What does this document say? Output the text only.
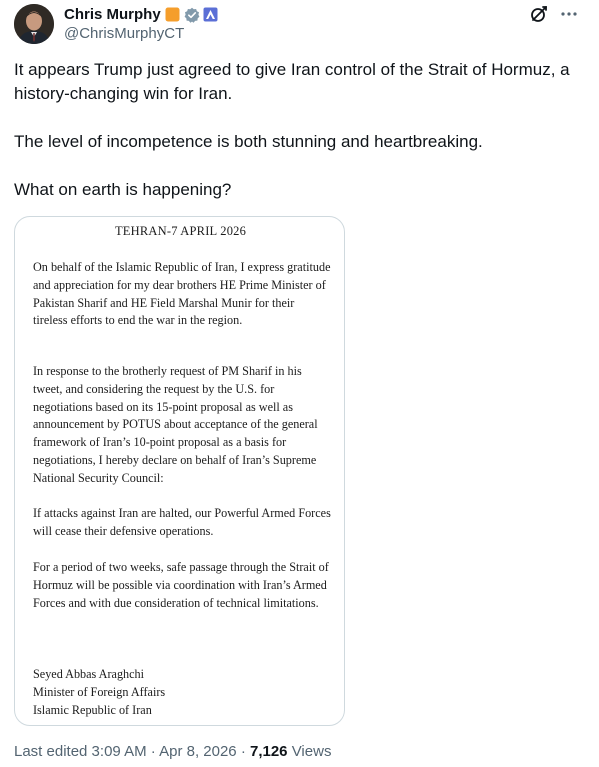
Chris Murphy
@ChrisMurphyCT

It appears Trump just agreed to give Iran control of the Strait of Hormuz, a history-changing win for Iran.

The level of incompetence is both stunning and heartbreaking.

What on earth is happening?

TEHRAN-7 APRIL 2026

On behalf of the Islamic Republic of Iran, I express gratitude and appreciation for my dear brothers HE Prime Minister of Pakistan Sharif and HE Field Marshal Munir for their tireless efforts to end the war in the region.

In response to the brotherly request of PM Sharif in his tweet, and considering the request by the U.S. for negotiations based on its 15-point proposal as well as announcement by POTUS about acceptance of the general framework of Iran’s 10-point proposal as a basis for negotiations, I hereby declare on behalf of Iran’s Supreme National Security Council:

If attacks against Iran are halted, our Powerful Armed Forces will cease their defensive operations.

For a period of two weeks, safe passage through the Strait of Hormuz will be possible via coordination with Iran’s Armed Forces and with due consideration of technical limitations.

Seyed Abbas Araghchi
Minister of Foreign Affairs
Islamic Republic of Iran
Last edited 3:09 AM · Apr 8, 2026 · 7,126 Views
